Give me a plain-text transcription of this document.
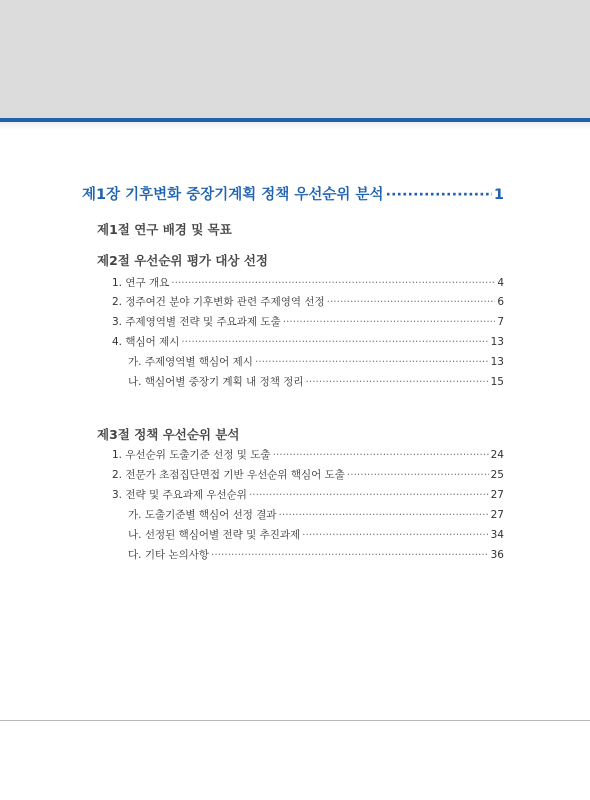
제1장 기후변화 중장기계획 정책 우선순위 분석 ·····	1
제1절 연구 배경 및 목표
제2절 우선순위 평가 대상 선정
1. 연구 개요 ·····	4
2. 정주여건 분야 기후변화 관련 주제영역 선정 ·····	6
3. 주제영역별 전략 및 주요과제 도출 ·····	7
4. 핵심어 제시 ·····	13
가. 주제영역별 핵심어 제시 ·····	13
나. 핵심어별 중장기 계획 내 정책 정리 ·····	15
제3절 정책 우선순위 분석
1. 우선순위 도출기준 선정 및 도출 ·····	24
2. 전문가 초점집단면접 기반 우선순위 핵심어 도출 ·····	25
3. 전략 및 주요과제 우선순위 ·····	27
가. 도출기준별 핵심어 선정 결과 ·····	27
나. 선정된 핵심어별 전략 및 추진과제 ·····	34
다. 기타 논의사항 ·····	36
